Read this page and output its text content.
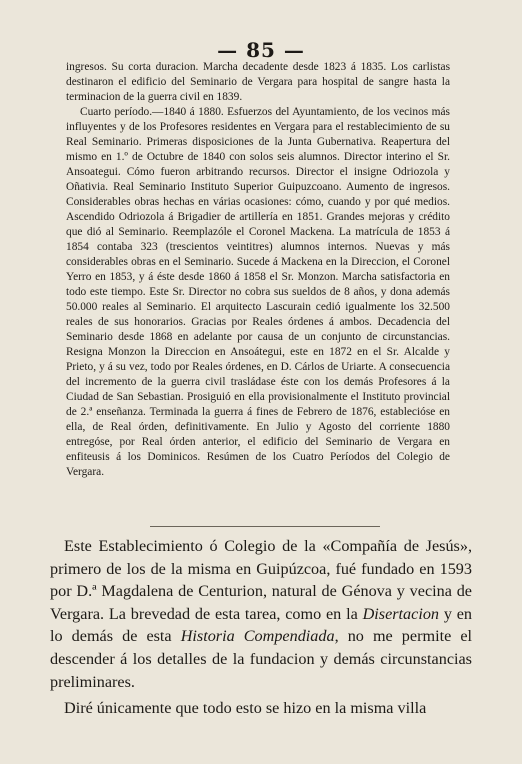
— 85 —

ingresos. Su corta duracion. Marcha decadente desde 1823 á 1835. Los carlistas destinaron el edificio del Seminario de Vergara para hospital de sangre hasta la terminacion de la guerra civil en 1839.

Cuarto período.—1840 á 1880. Esfuerzos del Ayuntamiento, de los vecinos más influyentes y de los Profesores residentes en Vergara para el restablecimiento de su Real Seminario. Primeras disposiciones de la Junta Gubernativa. Reapertura del mismo en 1.º de Octubre de 1840 con solos seis alumnos. Director interino el Sr. Ansoategui. Cómo fueron arbitrando recursos. Director el insigne Odriozola y Oñativia. Real Seminario Instituto Superior Guipuzcoano. Aumento de ingresos. Considerables obras hechas en várias ocasiones: cómo, cuando y por qué medios. Ascendido Odriozola á Brigadier de artillería en 1851. Grandes mejoras y crédito que dió al Seminario. Reemplazóle el Coronel Mackena. La matrícula de 1853 á 1854 contaba 323 (trescientos veintitres) alumnos internos. Nuevas y más considerables obras en el Seminario. Sucede á Mackena en la Direccion, el Coronel Yerro en 1853, y á éste desde 1860 á 1858 el Sr. Monzon. Marcha satisfactoria en todo este tiempo. Este Sr. Director no cobra sus sueldos de 8 años, y dona además 50.000 reales al Seminario. El arquitecto Lascurain cedió igualmente los 32.500 reales de sus honorarios. Gracias por Reales órdenes á ambos. Decadencia del Seminario desde 1868 en adelante por causa de un conjunto de circunstancias. Resigna Monzon la Direccion en Ansoátegui, este en 1872 en el Sr. Alcalde y Prieto, y á su vez, todo por Reales órdenes, en D. Cárlos de Uriarte. A consecuencia del incremento de la guerra civil trasládase éste con los demás Profesores á la Ciudad de San Sebastian. Prosiguió en ella provisionalmente el Instituto provincial de 2.ª enseñanza. Terminada la guerra á fines de Febrero de 1876, establecióse en ella, de Real órden, definitivamente. En Julio y Agosto del corriente 1880 entregóse, por Real órden anterior, el edificio del Seminario de Vergara en enfiteusis á los Dominicos. Resúmen de los Cuatro Períodos del Colegio de Vergara.

Este Establecimiento ó Colegio de la «Compañía de Jesús», primero de los de la misma en Guipúzcoa, fué fundado en 1593 por D.ª Magdalena de Centurion, natural de Génova y vecina de Vergara. La brevedad de esta tarea, como en la Disertacion y en lo demás de esta Historia Compendiada, no me permite el descender á los detalles de la fundacion y demás circunstancias preliminares.

Diré únicamente que todo esto se hizo en la misma villa
